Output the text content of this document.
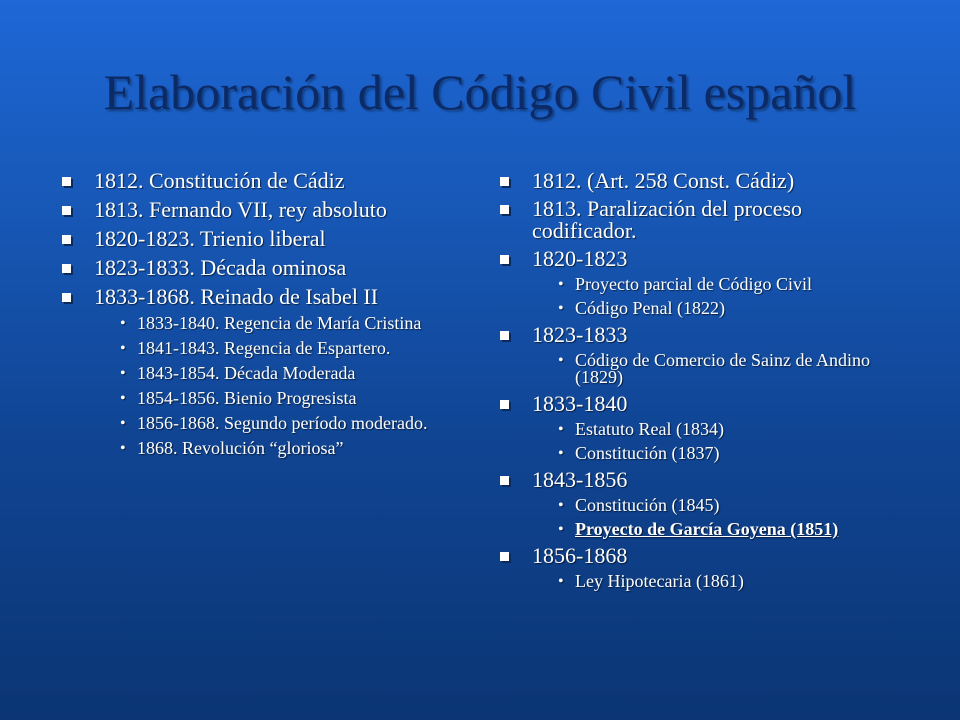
Elaboración del Código Civil español
1812. Constitución de Cádiz
1813. Fernando VII, rey absoluto
1820-1823. Trienio liberal
1823-1833. Década ominosa
1833-1868. Reinado de Isabel II
• 1833-1840. Regencia de María Cristina
• 1841-1843. Regencia de Espartero.
• 1843-1854. Década Moderada
• 1854-1856. Bienio Progresista
• 1856-1868. Segundo período moderado.
• 1868. Revolución “gloriosa”
1812. (Art. 258 Const. Cádiz)
1813. Paralización del proceso codificador.
1820-1823
• Proyecto parcial de Código Civil
• Código Penal (1822)
1823-1833
• Código de Comercio de Sainz de Andino (1829)
1833-1840
• Estatuto Real (1834)
• Constitución (1837)
1843-1856
• Constitución (1845)
• Proyecto de García Goyena (1851)
1856-1868
• Ley Hipotecaria (1861)
